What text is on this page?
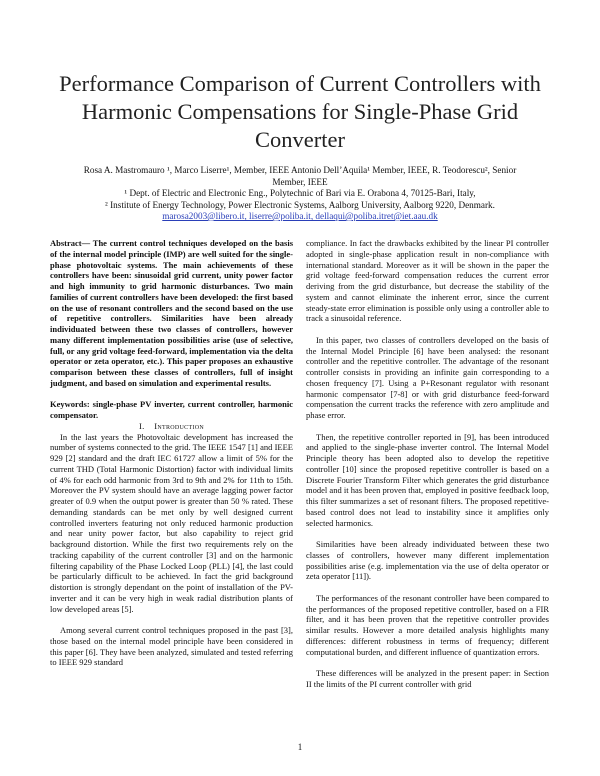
Performance Comparison of Current Controllers with Harmonic Compensations for Single-Phase Grid Converter
Rosa A. Mastromauro ¹, Marco Liserre¹, Member, IEEE Antonio Dell’Aquila¹ Member, IEEE, R. Teodorescu², Senior
Member, IEEE
¹ Dept. of Electric and Electronic Eng., Polytechnic of Bari via E. Orabona 4, 70125-Bari, Italy,
² Institute of Energy Technology, Power Electronic Systems, Aalborg University, Aalborg 9220, Denmark.
marosa2003@libero.it, liserre@poliba.it, dellaqui@poliba.itret@iet.aau.dk

Abstract— The current control techniques developed on the basis of the internal model principle (IMP) are well suited for the single-phase photovoltaic systems. The main achievements of these controllers have been: sinusoidal grid current, unity power factor and high immunity to grid harmonic disturbances. Two main families of current controllers have been developed: the first based on the use of resonant controllers and the second based on the use of repetitive controllers. Similarities have been already individuated between these two classes of controllers, however many different implementation possibilities arise (use of selective, full, or any grid voltage feed-forward, implementation via the delta operator or zeta operator, etc.). This paper proposes an exhaustive comparison between these classes of controllers, full of insight judgment, and based on simulation and experimental results.

Keywords: single-phase PV inverter, current controller, harmonic compensator.

I. Introduction

In the last years the Photovoltaic development has increased the number of systems connected to the grid. The IEEE 1547 [1] and IEEE 929 [2] standard and the draft IEC 61727 allow a limit of 5% for the current THD (Total Harmonic Distortion) factor with individual limits of 4% for each odd harmonic from 3rd to 9th and 2% for 11th to 15th. Moreover the PV system should have an average lagging power factor greater of 0.9 when the output power is greater than 50 % rated. These demanding standards can be met only by well designed current controlled inverters featuring not only reduced harmonic production and near unity power factor, but also capability to reject grid background distortion. While the first two requirements rely on the tracking capability of the current controller [3] and on the harmonic filtering capability of the Phase Locked Loop (PLL) [4], the last could be particularly difficult to be achieved. In fact the grid background distortion is strongly dependant on the point of installation of the PV-inverter and it can be very high in weak radial distribution plants of low developed areas [5].

Among several current control techniques proposed in the past [3], those based on the internal model principle have been considered in this paper [6]. They have been analyzed, simulated and tested referring to IEEE 929 standard

compliance. In fact the drawbacks exhibited by the linear PI controller adopted in single-phase application result in non-compliance with international standard. Moreover as it will be shown in the paper the grid voltage feed-forward compensation reduces the current error deriving from the grid disturbance, but decrease the stability of the system and cannot eliminate the inherent error, since the current steady-state error elimination is possible only using a controller able to track a sinusoidal reference.

In this paper, two classes of controllers developed on the basis of the Internal Model Principle [6] have been analysed: the resonant controller and the repetitive controller. The advantage of the resonant controller consists in providing an infinite gain corresponding to a chosen frequency [7]. Using a P+Resonant regulator with resonant harmonic compensator [7-8] or with grid disturbance feed-forward compensation the current tracks the reference with zero amplitude and phase error.

Then, the repetitive controller reported in [9], has been introduced and applied to the single-phase inverter control. The Internal Model Principle theory has been adopted also to develop the repetitive controller [10] since the proposed repetitive controller is based on a Discrete Fourier Transform Filter which generates the grid disturbance model and it has been proven that, employed in positive feedback loop, this filter summarizes a set of resonant filters. The proposed repetitive-based control does not lead to instability since it amplifies only selected harmonics.

Similarities have been already individuated between these two classes of controllers, however many different implementation possibilities arise (e.g. implementation via the use of delta operator or zeta operator [11]).

The performances of the resonant controller have been compared to the performances of the proposed repetitive controller, based on a FIR filter, and it has been proven that the repetitive controller provides similar results. However a more detailed analysis highlights many differences: different robustness in terms of frequency; different computational burden, and different influence of quantization errors.

These differences will be analyzed in the present paper: in Section II the limits of the PI current controller with grid

1
